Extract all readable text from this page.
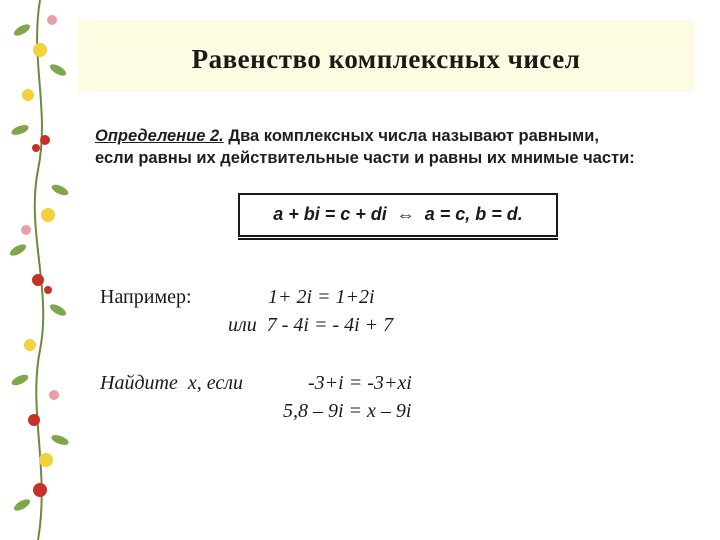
Равенство комплексных чисел
Определение 2. Два комплексных числа называют равными,
если равны их действительные части и равны их мнимые части:
a + bi = c + di  ⇔  a = c, b = d.
Например:	1+ 2i = 1+2i
или  7 - 4i = - 4i + 7
Найдите  x, если	-3+i = -3+xi
5,8 – 9i = x – 9i
